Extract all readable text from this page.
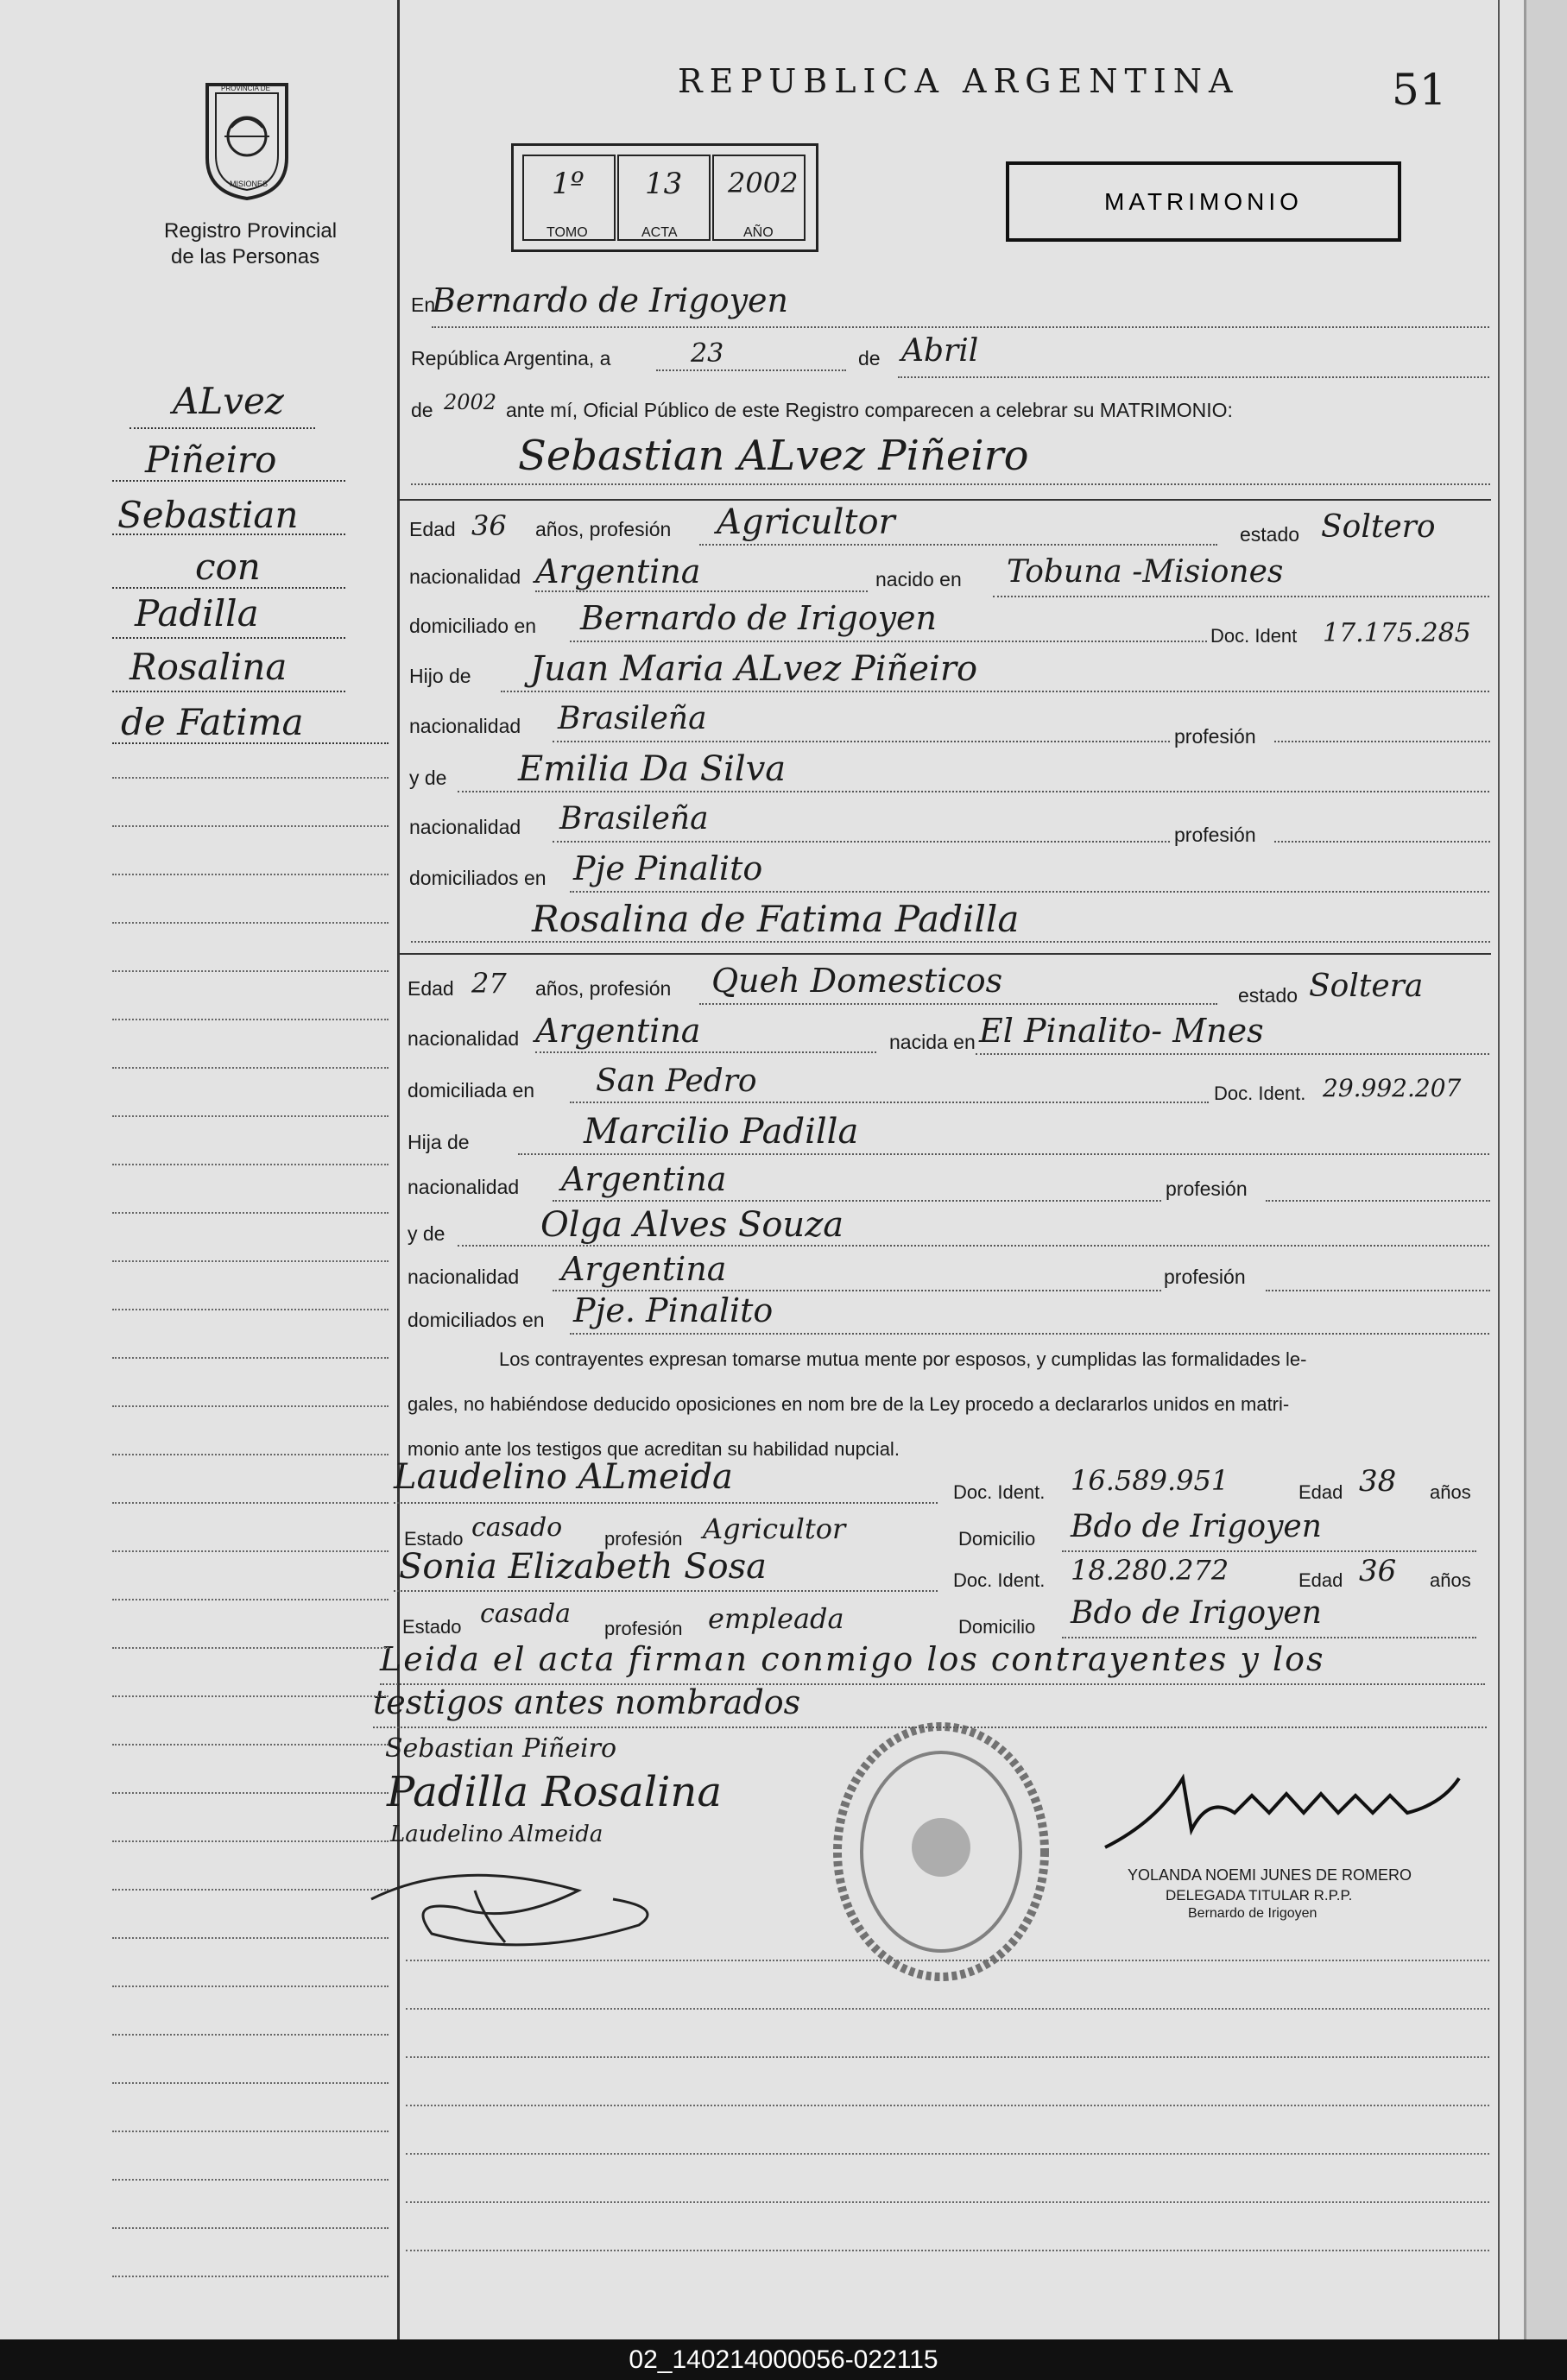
REPUBLICA ARGENTINA	51
PROVINCIA DE
MISIONES
Registro Provincial
de las Personas
1º 13 2002
TOMO	ACTA	AÑO
MATRIMONIO
ALvez
Piñeiro
Sebastian
con
Padilla
Rosalina
de Fatima
En
Bernardo de Irigoyen
República Argentina, a	23	de Abril
de 2002 ante mí, Oficial Público de este Registro comparecen a celebrar su MATRIMONIO:
Sebastian ALvez Piñeiro
Edad 36 años, profesión Agricultor	estado Soltero
nacionalidad Argentina	nacido en Tobuna -Misiones
domiciliado en Bernardo de Irigoyen	Doc. Ident 17.175.285
Hijo de Juan Maria ALvez Piñeiro
nacionalidad Brasileña	profesión
y de Emilia Da Silva
nacionalidad Brasileña	profesión
domiciliados en Pje Pinalito
Rosalina de Fatima Padilla
Edad 27 años, profesión Queh Domesticos	estado Soltera
nacionalidad Argentina	nacida en El Pinalito- Mnes
domiciliada en San Pedro	Doc. Ident. 29.992.207
Hija de	Marcilio Padilla
nacionalidad Argentina	profesión
y de	Olga Alves Souza
nacionalidad Argentina	profesión
domiciliados en Pje. Pinalito
Los contrayentes expresan tomarse mutua mente por esposos, y cumplidas las formalidades le-
gales, no habiéndose deducido oposiciones en nom bre de la Ley procedo a declararlos unidos en matri-
monio ante los testigos que acreditan su habilidad nupcial.
Laudelino ALmeida	Doc. Ident. 16.589.951	Edad 38 años
Estado casado profesión Agricultor	Domicilio Bdo de Irigoyen
Sonia Elizabeth Sosa	Doc. Ident. 18.280.272	Edad 36 años
Estado casada profesión empleada	Domicilio Bdo de Irigoyen
Leida el acta firman conmigo los contrayentes y los
testigos antes nombrados
Sebastian Piñeiro
Padilla Rosalina
Laudelino Almeida
YOLANDA NOEMI JUNES DE ROMERO
DELEGADA TITULAR R.P.P.
Bernardo de Irigoyen
02_140214000056-022115
